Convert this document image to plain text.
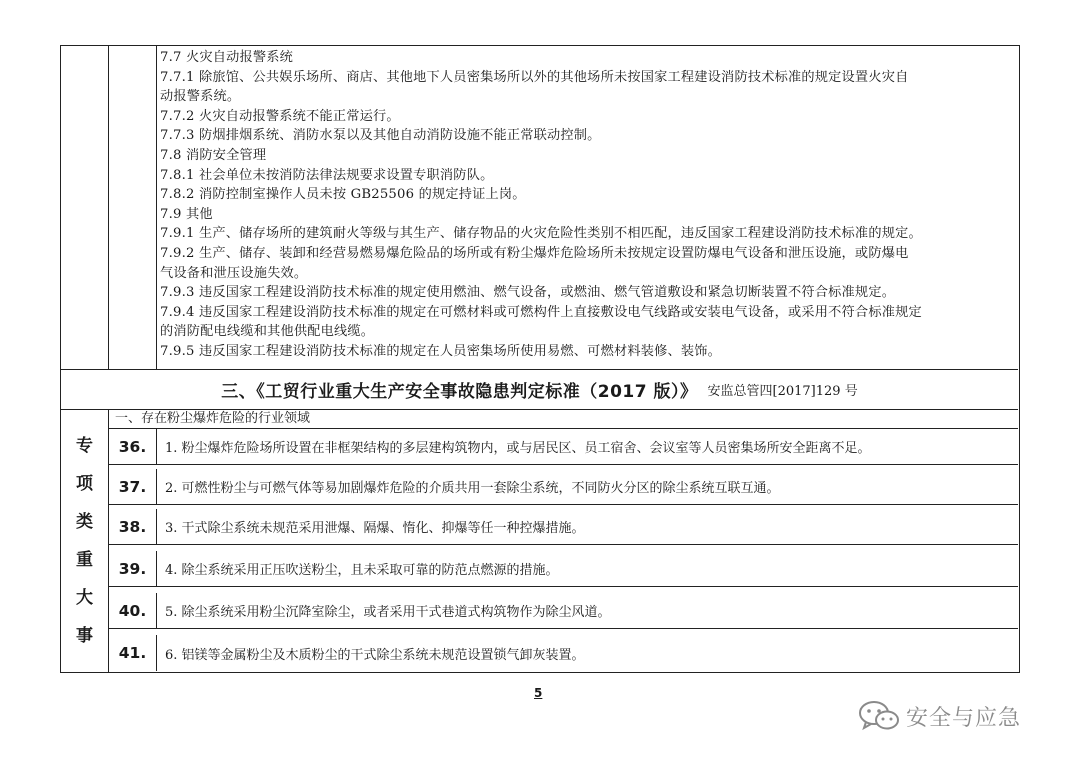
7.7 火灾自动报警系统
7.7.1 除旅馆、公共娱乐场所、商店、其他地下人员密集场所以外的其他场所未按国家工程建设消防技术标准的规定设置火灾自
动报警系统。
7.7.2 火灾自动报警系统不能正常运行。
7.7.3 防烟排烟系统、消防水泵以及其他自动消防设施不能正常联动控制。
7.8 消防安全管理
7.8.1 社会单位未按消防法律法规要求设置专职消防队。
7.8.2 消防控制室操作人员未按 GB25506 的规定持证上岗。
7.9 其他
7.9.1 生产、储存场所的建筑耐火等级与其生产、储存物品的火灾危险性类别不相匹配，违反国家工程建设消防技术标准的规定。
7.9.2 生产、储存、装卸和经营易燃易爆危险品的场所或有粉尘爆炸危险场所未按规定设置防爆电气设备和泄压设施，或防爆电
气设备和泄压设施失效。
7.9.3 违反国家工程建设消防技术标准的规定使用燃油、燃气设备，或燃油、燃气管道敷设和紧急切断装置不符合标准规定。
7.9.4 违反国家工程建设消防技术标准的规定在可燃材料或可燃构件上直接敷设电气线路或安装电气设备，或采用不符合标准规定
的消防配电线缆和其他供配电线缆。
7.9.5 违反国家工程建设消防技术标准的规定在人员密集场所使用易燃、可燃材料装修、装饰。
三、《工贸行业重大生产安全事故隐患判定标准（2017 版）》 安监总管四[2017]129 号
专
项
类
重
大
事
一、存在粉尘爆炸危险的行业领域
36.	1. 粉尘爆炸危险场所设置在非框架结构的多层建构筑物内，或与居民区、员工宿舍、会议室等人员密集场所安全距离不足。
37.	2. 可燃性粉尘与可燃气体等易加剧爆炸危险的介质共用一套除尘系统，不同防火分区的除尘系统互联互通。
38.	3. 干式除尘系统未规范采用泄爆、隔爆、惰化、抑爆等任一种控爆措施。
39.	4. 除尘系统采用正压吹送粉尘，且未采取可靠的防范点燃源的措施。
40.	5. 除尘系统采用粉尘沉降室除尘，或者采用干式巷道式构筑物作为除尘风道。
41.	6. 铝镁等金属粉尘及木质粉尘的干式除尘系统未规范设置锁气卸灰装置。
5
安全与应急
